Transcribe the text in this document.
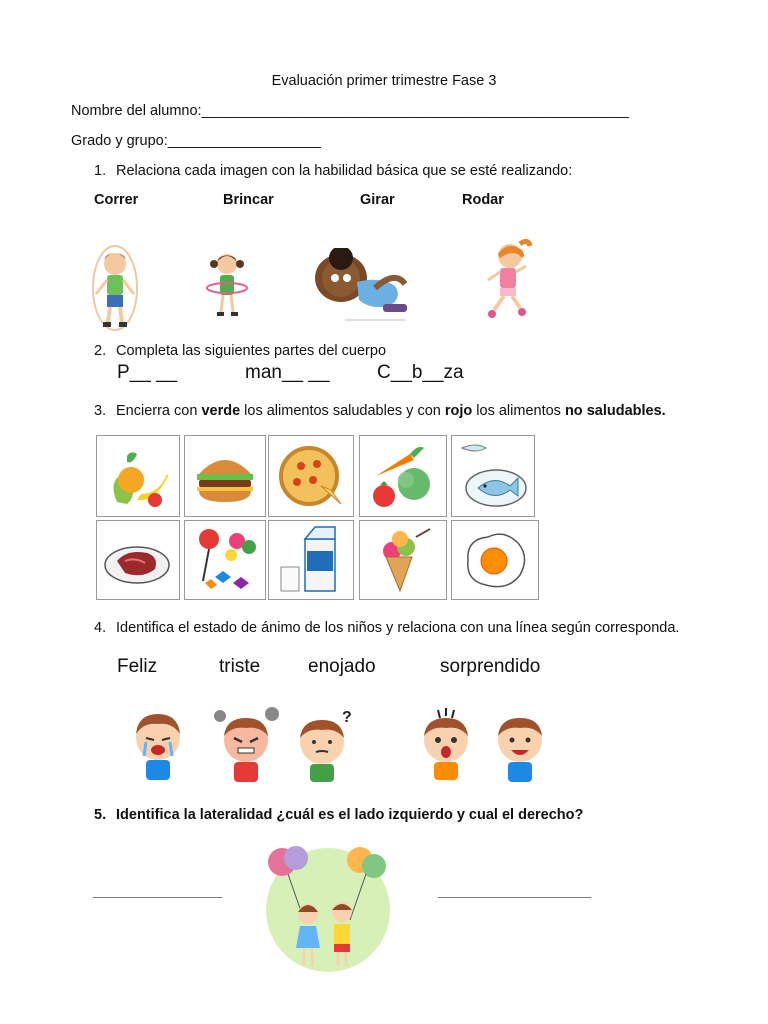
Evaluación primer trimestre Fase 3
Nombre del alumno:_____________________________________________________
Grado y grupo:___________________
1. Relaciona cada imagen con la habilidad básica que se esté realizando:
Correr	Brincar	Girar	Rodar
2. Completa las siguientes partes del cuerpo
P__ __	man__ __ C__b__za
3. Encierra con verde los alimentos saludables y con rojo los alimentos no saludables.
4. Identifica el estado de ánimo de los niños y relaciona con una línea según corresponda.
Feliz	triste	enojado	sorprendido
?
5. Identifica la lateralidad ¿cuál es el lado izquierdo y cual el derecho?
________________	___________________
